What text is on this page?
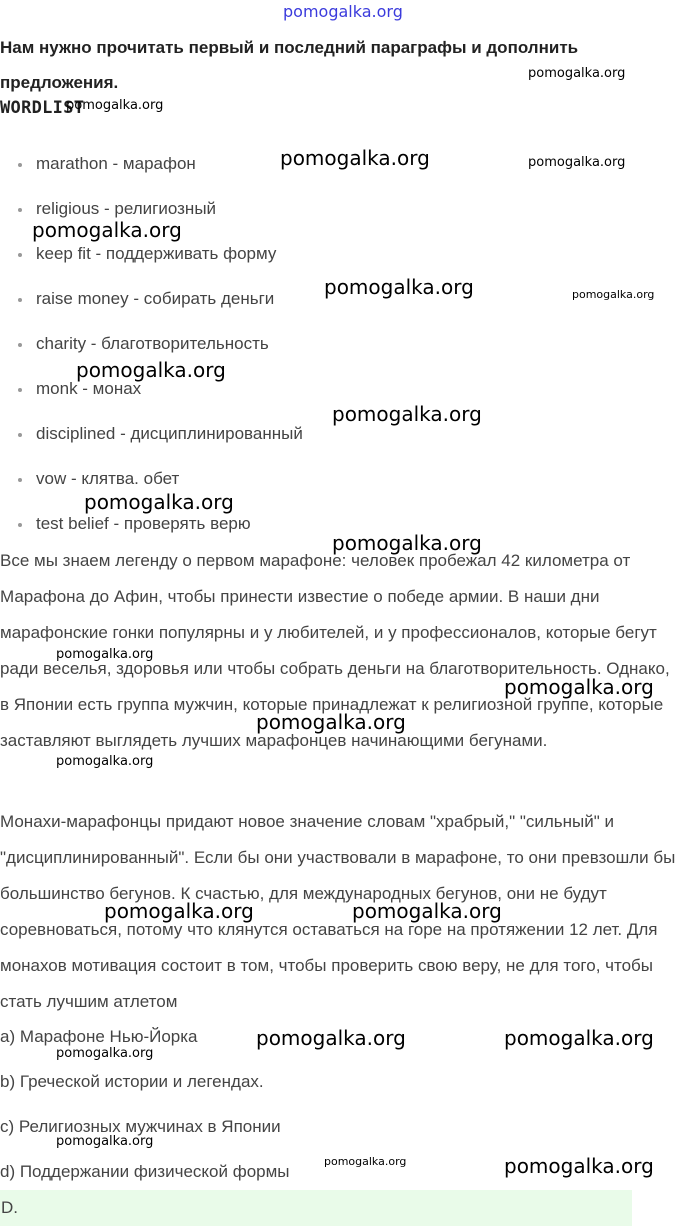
pomogalka.org
Нам нужно прочитать первый и последний параграфы и дополнить предложения.
WORDLIST
marathon - марафон
religious - религиозный
keep fit - поддерживать форму
raise money - собирать деньги
charity - благотворительность
monk - монах
disciplined - дисциплинированный
vow - клятва. обет
test belief - проверять верю
Все мы знаем легенду о первом марафоне: человек пробежал 42 километра от Марафона до Афин, чтобы принести известие о победе армии. В наши дни марафонские гонки популярны и у любителей, и у профессионалов, которые бегут ради веселья, здоровья или чтобы собрать деньги на благотворительность. Однако, в Японии есть группа мужчин, которые принадлежат к религиозной группе, которые заставляют выглядеть лучших марафонцев начинающими бегунами.
Монахи-марафонцы придают новое значение словам "храбрый," "сильный" и "дисциплинированный". Если бы они участвовали в марафоне, то они превзошли бы большинство бегунов. К счастью, для международных бегунов, они не будут соревноваться, потому что клянутся оставаться на горе на протяжении 12 лет. Для монахов мотивация состоит в том, чтобы проверить свою веру, не для того, чтобы стать лучшим атлетом
a) Марафоне Нью-Йорка
b) Греческой истории и легендах.
c) Религиозных мужчинах в Японии
d) Поддержании физической формы
D.
pomogalka.org
pomogalka.org
pomogalka.org	pomogalka.org
pomogalka.org
pomogalka.org	pomogalka.org
pomogalka.org
pomogalka.org
pomogalka.org
pomogalka.org
pomogalka.org
pomogalka.org
pomogalka.org
pomogalka.org
pomogalka.org	pomogalka.org
pomogalka.org	pomogalka.org
pomogalka.org
pomogalka.org
pomogalka.org	pomogalka.org
